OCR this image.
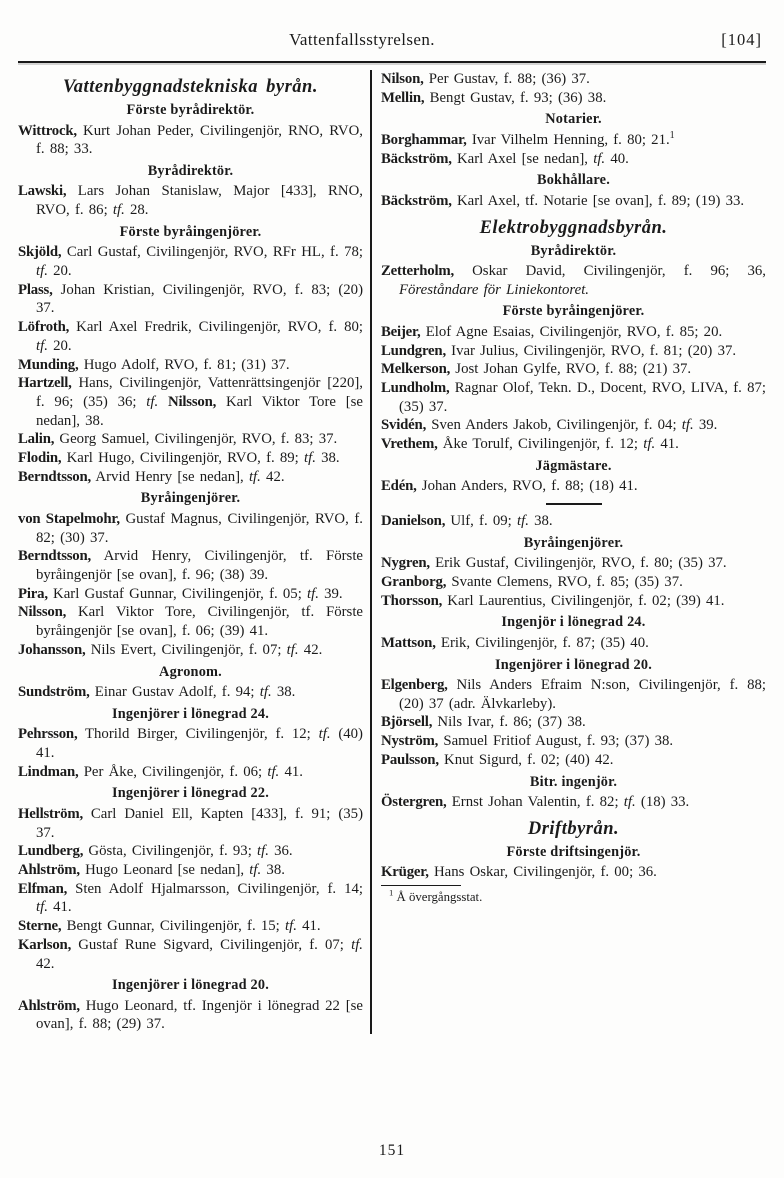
Vattenfallsstyrelsen.	[104]
Vattenbyggnadstekniska byrån.
Förste byrådirektör.
Wittrock, Kurt Johan Peder, Civilingenjör, RNO, RVO, f. 88; 33.
Byrådirektör.
Lawski, Lars Johan Stanislaw, Major [433], RNO, RVO, f. 86; tf. 28.
Förste byråingenjörer.
Skjöld, Carl Gustaf, Civilingenjör, RVO, RFr HL, f. 78; tf. 20.
Plass, Johan Kristian, Civilingenjör, RVO, f. 83; (20) 37.
Löfroth, Karl Axel Fredrik, Civilingenjör, RVO, f. 80; tf. 20.
Munding, Hugo Adolf, RVO, f. 81; (31) 37.
Hartzell, Hans, Civilingenjör, Vattenrättsingenjör [220], f. 96; (35) 36; tf. Nilsson, Karl Viktor Tore [se nedan], 38.
Lalin, Georg Samuel, Civilingenjör, RVO, f. 83; 37.
Flodin, Karl Hugo, Civilingenjör, RVO, f. 89; tf. 38.
Berndtsson, Arvid Henry [se nedan], tf. 42.
Byråingenjörer.
von Stapelmohr, Gustaf Magnus, Civilingenjör, RVO, f. 82; (30) 37.
Berndtsson, Arvid Henry, Civilingenjör, tf. Förste byråingenjör [se ovan], f. 96; (38) 39.
Pira, Karl Gustaf Gunnar, Civilingenjör, f. 05; tf. 39.
Nilsson, Karl Viktor Tore, Civilingenjör, tf. Förste byråingenjör [se ovan], f. 06; (39) 41.
Johansson, Nils Evert, Civilingenjör, f. 07; tf. 42.
Agronom.
Sundström, Einar Gustav Adolf, f. 94; tf. 38.
Ingenjörer i lönegrad 24.
Pehrsson, Thorild Birger, Civilingenjör, f. 12; tf. (40) 41.
Lindman, Per Åke, Civilingenjör, f. 06; tf. 41.
Ingenjörer i lönegrad 22.
Hellström, Carl Daniel Ell, Kapten [433], f. 91; (35) 37.
Lundberg, Gösta, Civilingenjör, f. 93; tf. 36.
Ahlström, Hugo Leonard [se nedan], tf. 38.
Elfman, Sten Adolf Hjalmarsson, Civilingenjör, f. 14; tf. 41.
Sterne, Bengt Gunnar, Civilingenjör, f. 15; tf. 41.
Karlson, Gustaf Rune Sigvard, Civilingenjör, f. 07; tf. 42.
Ingenjörer i lönegrad 20.
Ahlström, Hugo Leonard, tf. Ingenjör i lönegrad 22 [se ovan], f. 88; (29) 37.
Nilson, Per Gustav, f. 88; (36) 37.
Mellin, Bengt Gustav, f. 93; (36) 38.
Notarier.
Borghammar, Ivar Vilhelm Henning, f. 80; 21.$^1$
Bäckström, Karl Axel [se nedan], tf. 40.
Bokhållare.
Bäckström, Karl Axel, tf. Notarie [se ovan], f. 89; (19) 33.
Elektrobyggnadsbyrån.
Byrådirektör.
Zetterholm, Oskar David, Civilingenjör, f. 96; 36, Föreståndare för Liniekontoret.
Förste byråingenjörer.
Beijer, Elof Agne Esaias, Civilingenjör, RVO, f. 85; 20.
Lundgren, Ivar Julius, Civilingenjör, RVO, f. 81; (20) 37.
Melkerson, Jost Johan Gylfe, RVO, f. 88; (21) 37.
Lundholm, Ragnar Olof, Tekn. D., Docent, RVO, LIVA, f. 87; (35) 37.
Svidén, Sven Anders Jakob, Civilingenjör, f. 04; tf. 39.
Vrethem, Åke Torulf, Civilingenjör, f. 12; tf. 41.
Jägmästare.
Edén, Johan Anders, RVO, f. 88; (18) 41.
Danielson, Ulf, f. 09; tf. 38.
Byråingenjörer.
Nygren, Erik Gustaf, Civilingenjör, RVO, f. 80; (35) 37.
Granborg, Svante Clemens, RVO, f. 85; (35) 37.
Thorsson, Karl Laurentius, Civilingenjör, f. 02; (39) 41.
Ingenjör i lönegrad 24.
Mattson, Erik, Civilingenjör, f. 87; (35) 40.
Ingenjörer i lönegrad 20.
Elgenberg, Nils Anders Efraim N:son, Civilingenjör, f. 88; (20) 37 (adr. Älvkarleby).
Björsell, Nils Ivar, f. 86; (37) 38.
Nyström, Samuel Fritiof August, f. 93; (37) 38.
Paulsson, Knut Sigurd, f. 02; (40) 42.
Bitr. ingenjör.
Östergren, Ernst Johan Valentin, f. 82; tf. (18) 33.
Driftbyrån.
Förste driftsingenjör.
Krüger, Hans Oskar, Civilingenjör, f. 00; 36.
$^1$ Å övergångsstat.
151
